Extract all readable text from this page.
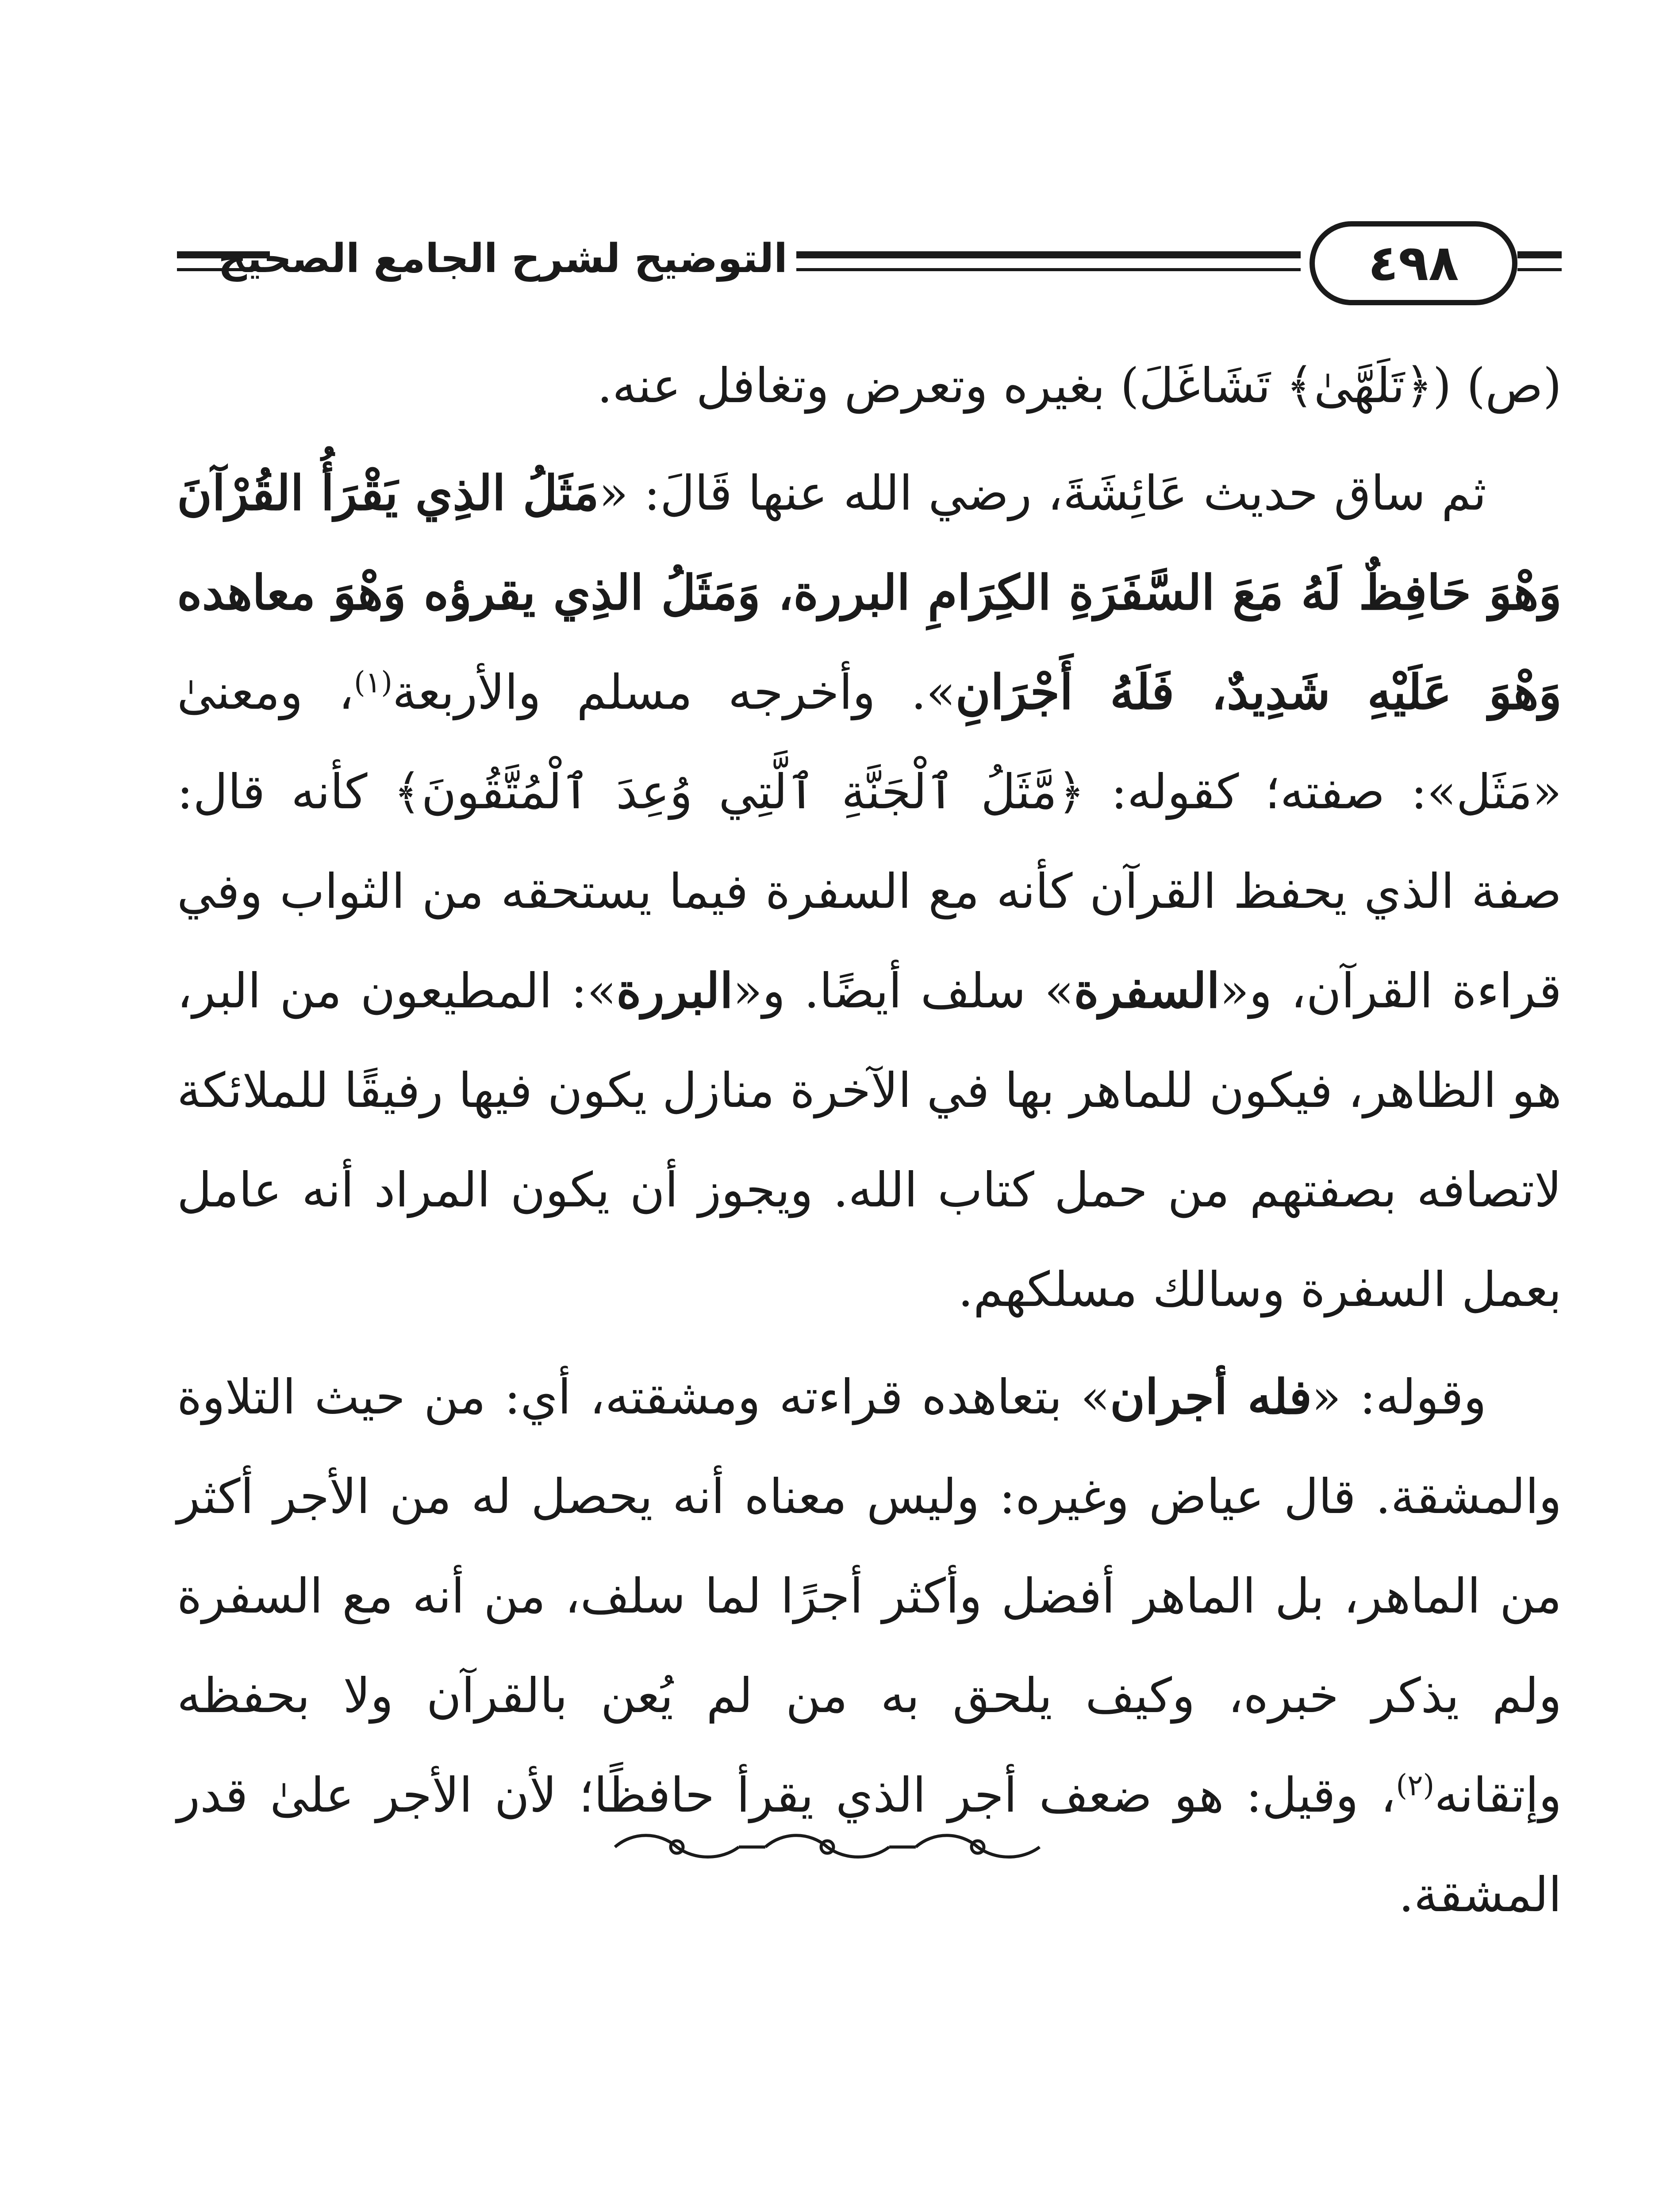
التوضيح لشرح الجامع الصحيح	٤٩٨

(ص) (﴿تَلَهَّىٰ﴾ تَشَاغَلَ) بغيره وتعرض وتغافل عنه.

ثم ساق حديث عَائِشَةَ، رضي الله عنها قَالَ: «مَثَلُ الذِي يَقْرَأُ القُرْآنَ وَهْوَ حَافِظٌ لَهُ مَعَ السَّفَرَةِ الكِرَامِ البررة، وَمَثَلُ الذِي يقرؤه وَهْوَ معاهده وَهْوَ عَلَيْهِ شَدِيدٌ، فَلَهُ أَجْرَانِ». وأخرجه مسلم والأربعة$^{(١)}$، ومعنىٰ «مَثَل»: صفته؛ كقوله: ﴿مَّثَلُ ٱلْجَنَّةِ ٱلَّتِي وُعِدَ ٱلْمُتَّقُونَ﴾ كأنه قال: صفة الذي يحفظ القرآن كأنه مع السفرة فيما يستحقه من الثواب وفي قراءة القرآن، و«السفرة» سلف أيضًا. و«البررة»: المطيعون من البر، هو الظاهر، فيكون للماهر بها في الآخرة منازل يكون فيها رفيقًا للملائكة لاتصافه بصفتهم من حمل كتاب الله. ويجوز أن يكون المراد أنه عامل بعمل السفرة وسالك مسلكهم.

وقوله: «فله أجران» بتعاهده قراءته ومشقته، أي: من حيث التلاوة والمشقة. قال عياض وغيره: وليس معناه أنه يحصل له من الأجر أكثر من الماهر، بل الماهر أفضل وأكثر أجرًا لما سلف، من أنه مع السفرة ولم يذكر خبره، وكيف يلحق به من لم يُعن بالقرآن ولا بحفظه وإتقانه$^{(٢)}$، وقيل: هو ضعف أجر الذي يقرأ حافظًا؛ لأن الأجر علىٰ قدر المشقة.
